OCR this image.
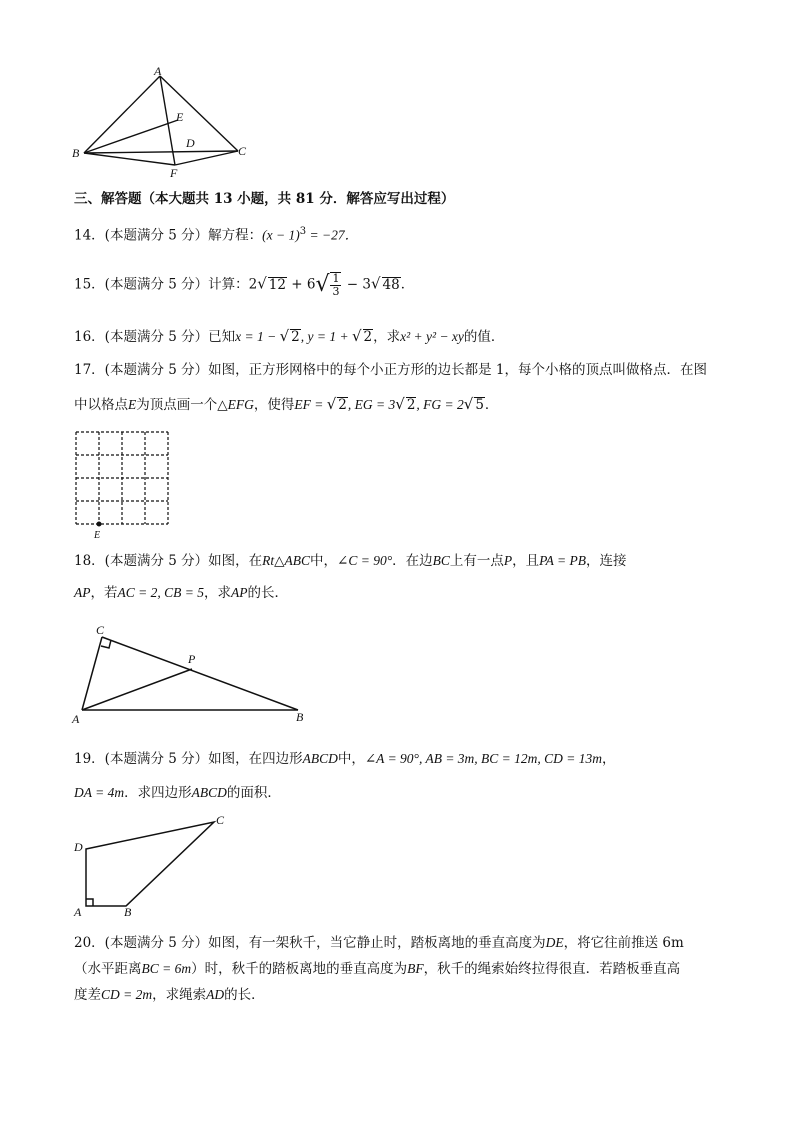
A
E
D
B	C
F
三、解答题（本大题共 13 小题，共 81 分．解答应写出过程）
14．(本题满分 5 分）解方程：$(x - 1)^3 = -27$．
15．(本题满分 5 分）计算：2√ $12 + 6√ \frac{1}{3} - 3√$ 48．
16．(本题满分 5 分）已知x = 1 − √ 2, y = 1 + √ 2，求x² + y² − xy的值．
17．(本题满分 5 分）如图，正方形网格中的每个小正方形的边长都是 1，每个小格的顶点叫做格点．在图
中以格点E为顶点画一个△EFG，使得EF = √ 2, EG = 3√ 2, FG = 2√ 5．
E
18．(本题满分 5 分）如图，在Rt△ABC中，∠C = 90°．在边BC上有一点P，且PA = PB，连接
AP，若AC = 2, CB = 5，求AP的长．
C
P
A	B
19．(本题满分 5 分）如图，在四边形ABCD中，∠A = 90°, AB = 3m, BC = 12m, CD = 13m，
DA = 4m．求四边形ABCD的面积．
D
C
A	B
20．(本题满分 5 分）如图，有一架秋千，当它静止时，踏板离地的垂直高度为DE，将它往前推送 6m
（水平距离BC = 6m）时，秋千的踏板离地的垂直高度为BF，秋千的绳索始终拉得很直．若踏板垂直高
度差CD = 2m，求绳索AD的长．
